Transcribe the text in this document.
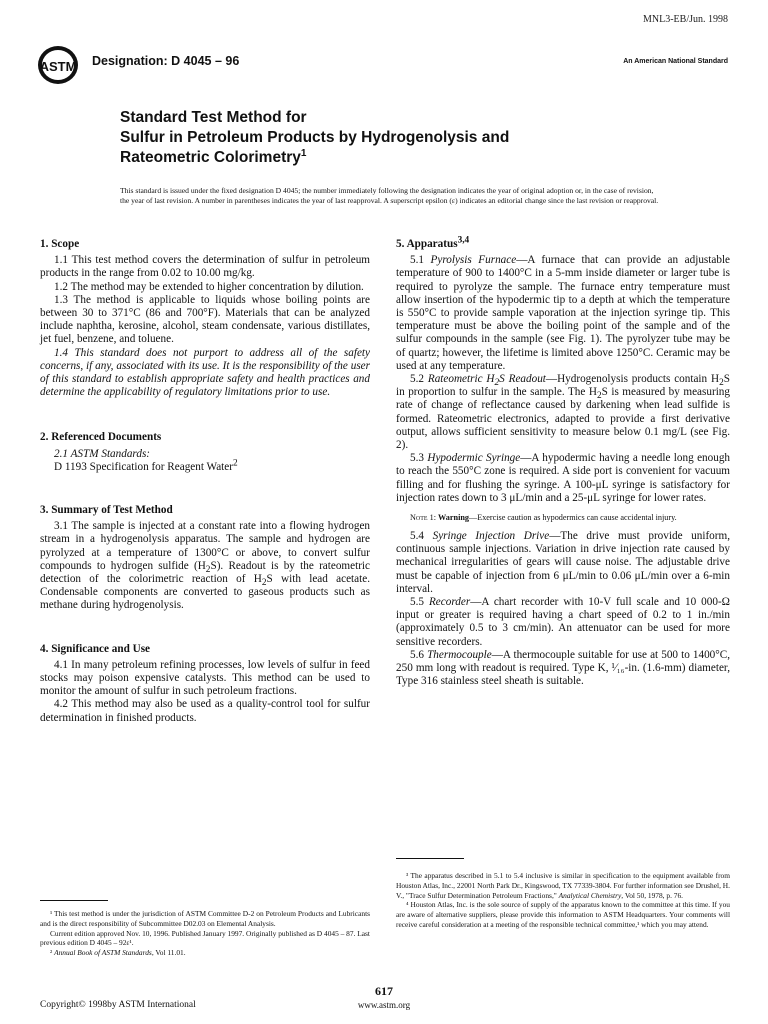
MNL3-EB/Jun. 1998
ASTM Designation: D 4045 – 96	An American National Standard
Standard Test Method for
Sulfur in Petroleum Products by Hydrogenolysis and
Rateometric Colorimetry$^1$
This standard is issued under the fixed designation D 4045; the number immediately following the designation indicates the year of original adoption or, in the case of revision, the year of last revision. A number in parentheses indicates the year of last reapproval. A superscript epsilon (ε) indicates an editorial change since the last revision or reapproval.
1. Scope

1.1 This test method covers the determination of sulfur in petroleum products in the range from 0.02 to 10.00 mg/kg.

1.2 The method may be extended to higher concentration by dilution.

1.3 The method is applicable to liquids whose boiling points are between 30 to 371°C (86 and 700°F). Materials that can be analyzed include naphtha, kerosine, alcohol, steam condensate, various distillates, jet fuel, benzene, and toluene.

1.4 This standard does not purport to address all of the safety concerns, if any, associated with its use. It is the responsibility of the user of this standard to establish appropriate safety and health practices and determine the applicability of regulatory limitations prior to use.

2. Referenced Documents

2.1 ASTM Standards:

D 1193 Specification for Reagent Water$^2$

3. Summary of Test Method

3.1 The sample is injected at a constant rate into a flowing hydrogen stream in a hydrogenolysis apparatus. The sample and hydrogen are pyrolyzed at a temperature of 1300°C or above, to convert sulfur compounds to hydrogen sulfide $(H_2S)$. Readout is by the rateometric detection of the colorimetric reaction of $H_2S$ with lead acetate. Condensable components are converted to gaseous products such as methane during hydrogenolysis.

4. Significance and Use

4.1 In many petroleum refining processes, low levels of sulfur in feed stocks may poison expensive catalysts. This method can be used to monitor the amount of sulfur in such petroleum fractions.

4.2 This method may also be used as a quality-control tool for sulfur determination in finished products.

5. Apparatus$^{3,4}$

5.1 Pyrolysis Furnace—A furnace that can provide an adjustable temperature of 900 to 1400°C in a 5-mm inside diameter or larger tube is required to pyrolyze the sample. The furnace entry temperature must allow insertion of the hypodermic tip to a depth at which the temperature is 550°C to provide sample vaporation at the injection syringe tip. This temperature must be above the boiling point of the sample and of the sulfur compounds in the sample (see Fig. 1). The pyrolyzer tube may be of quartz; however, the lifetime is limited above 1250°C. Ceramic may be used at any temperature.

5.2 Rateometric $H_2S$ Readout—Hydrogenolysis products contain $H_2S$ in proportion to sulfur in the sample. The $H_2S$ is measured by measuring rate of change of reflectance caused by darkening when lead sulfide is formed. Rateometric electronics, adapted to provide a first derivative output, allows sufficient sensitivity to measure below 0.1 mg/L (see Fig. 2).

5.3 Hypodermic Syringe—A hypodermic having a needle long enough to reach the 550°C zone is required. A side port is convenient for vacuum filling and for flushing the syringe. A 100-μL syringe is satisfactory for injection rates down to 3 μL/min and a 25-μL syringe for lower rates.

Note 1: Warning—Exercise caution as hypodermics can cause accidental injury.

5.4 Syringe Injection Drive—The drive must provide uniform, continuous sample injections. Variation in drive injection rate caused by mechanical irregularities of gears will cause noise. The adjustable drive must be capable of injection from 6 μL/min to 0.06 μL/min over a 6-min interval.

5.5 Recorder—A chart recorder with 10-V full scale and 10 000-Ω input or greater is required having a chart speed of 0.2 to 1 in./min (approximately 0.5 to 3 cm/min). An attenuator can be used for more sensitive recorders.

5.6 Thermocouple—A thermocouple suitable for use at 500 to 1400°C, 250 mm long with readout is required. Type K, ¹⁄₁₆-in. (1.6-mm) diameter, Type 316 stainless steel sheath is suitable.

¹ This test method is under the jurisdiction of ASTM Committee D-2 on Petroleum Products and Lubricants and is the direct responsibility of Subcommittee D02.03 on Elemental Analysis.

Current edition approved Nov. 10, 1996. Published January 1997. Originally published as D 4045 – 87. Last previous edition D 4045 – 92ε¹.

² Annual Book of ASTM Standards, Vol 11.01.

³ The apparatus described in 5.1 to 5.4 inclusive is similar in specification to the equipment available from Houston Atlas, Inc., 22001 North Park Dr., Kingswood, TX 77339-3804. For further information see Drushel, H. V., "Trace Sulfur Determination Petroleum Fractions," Analytical Chemistry, Vol 50, 1978, p. 76.

⁴ Houston Atlas, Inc. is the sole source of supply of the apparatus known to the committee at this time. If you are aware of alternative suppliers, please provide this information to ASTM Headquarters. Your comments will receive careful consideration at a meeting of the responsible technical committee,¹ which you may attend.

617
Copyright© 1998by ASTM International	www.astm.org
